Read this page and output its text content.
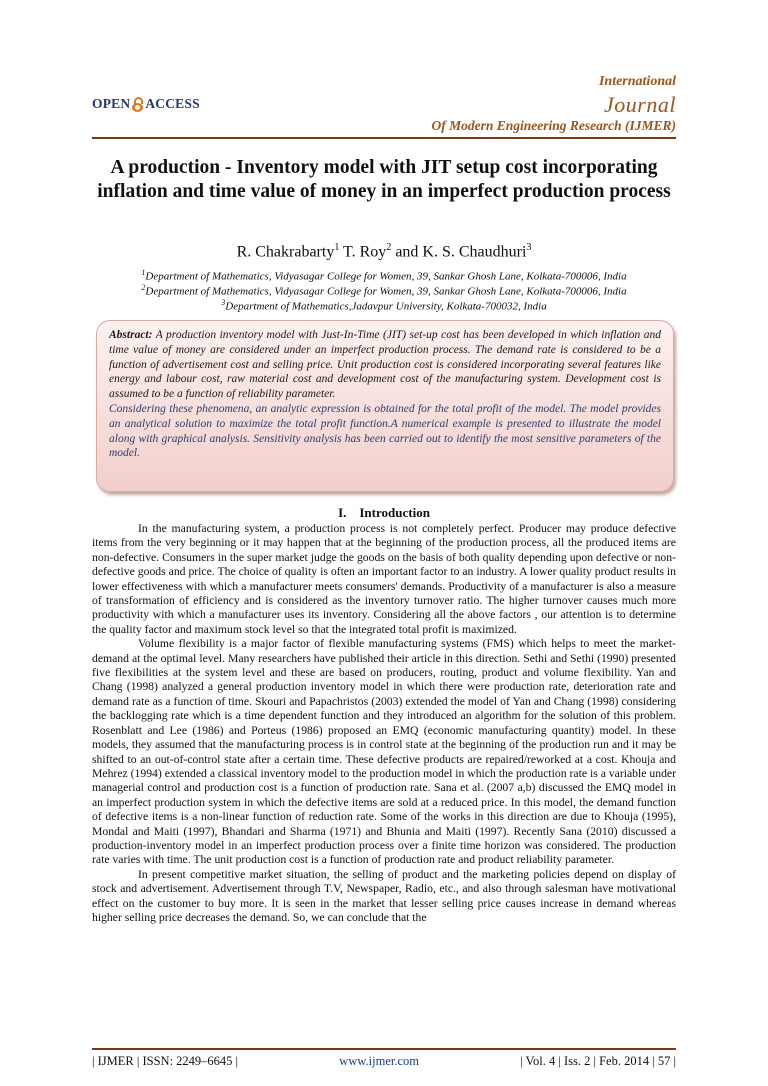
OPEN ACCESS
International
Journal
Of Modern Engineering Research (IJMER)
A production - Inventory model with JIT setup cost incorporating inflation and time value of money in an imperfect production process
R. Chakrabarty$^1$ T. Roy$^2$ and K. S. Chaudhuri$^3$
$^1$Department of Mathematics, Vidyasagar College for Women, 39, Sankar Ghosh Lane, Kolkata-700006, India
$^2$Department of Mathematics, Vidyasagar College for Women, 39, Sankar Ghosh Lane, Kolkata-700006, India
$^3$Department of Mathematics,Jadavpur University, Kolkata-700032, India
Abstract: A production inventory model with Just-In-Time (JIT) set-up cost has been developed in which inflation and time value of money are considered under an imperfect production process. The demand rate is considered to be a function of advertisement cost and selling price. Unit production cost is considered incorporating several features like energy and labour cost, raw material cost and development cost of the manufacturing system. Development cost is assumed to be a function of reliability parameter.
Considering these phenomena, an analytic expression is obtained for the total profit of the model. The model provides an analytical solution to maximize the total profit function.A numerical example is presented to illustrate the model along with graphical analysis. Sensitivity analysis has been carried out to identify the most sensitive parameters of the model.
I. Introduction

In the manufacturing system, a production process is not completely perfect. Producer may produce defective items from the very beginning or it may happen that at the beginning of the production process, all the produced items are non-defective. Consumers in the super market judge the goods on the basis of both quality depending upon defective or non-defective goods and price. The choice of quality is often an important factor to an industry. A lower quality product results in lower effectiveness with which a manufacturer meets consumers' demands. Productivity of a manufacturer is also a measure of transformation of efficiency and is considered as the inventory turnover ratio. The higher turnover causes much more productivity with which a manufacturer uses its inventory. Considering all the above factors , our attention is to determine the quality factor and maximum stock level so that the integrated total profit is maximized.

Volume flexibility is a major factor of flexible manufacturing systems (FMS) which helps to meet the market-demand at the optimal level. Many researchers have published their article in this direction. Sethi and Sethi (1990) presented five flexibilities at the system level and these are based on producers, routing, product and volume flexibility. Yan and Chang (1998) analyzed a general production inventory model in which there were production rate, deterioration rate and demand rate as a function of time. Skouri and Papachristos (2003) extended the model of Yan and Chang (1998) considering the backlogging rate which is a time dependent function and they introduced an algorithm for the solution of this problem. Rosenblatt and Lee (1986) and Porteus (1986) proposed an EMQ (economic manufacturing quantity) model. In these models, they assumed that the manufacturing process is in control state at the beginning of the production run and it may be shifted to an out-of-control state after a certain time. These defective products are repaired/reworked at a cost. Khouja and Mehrez (1994) extended a classical inventory model to the production model in which the production rate is a variable under managerial control and production cost is a function of production rate. Sana et al. (2007 a,b) discussed the EMQ model in an imperfect production system in which the defective items are sold at a reduced price. In this model, the demand function of defective items is a non-linear function of reduction rate. Some of the works in this direction are due to Khouja (1995), Mondal and Maiti (1997), Bhandari and Sharma (1971) and Bhunia and Maiti (1997). Recently Sana (2010) discussed a production-inventory model in an imperfect production process over a finite time horizon was considered. The production rate varies with time. The unit production cost is a function of production rate and product reliability parameter.

In present competitive market situation, the selling of product and the marketing policies depend on display of stock and advertisement. Advertisement through T.V, Newspaper, Radio, etc., and also through salesman have motivational effect on the customer to buy more. It is seen in the market that lesser selling price causes increase in demand whereas higher selling price decreases the demand. So, we can conclude that the

| IJMER | ISSN: 2249–6645 |	www.ijmer.com	| Vol. 4 | Iss. 2 | Feb. 2014 | 57 |
